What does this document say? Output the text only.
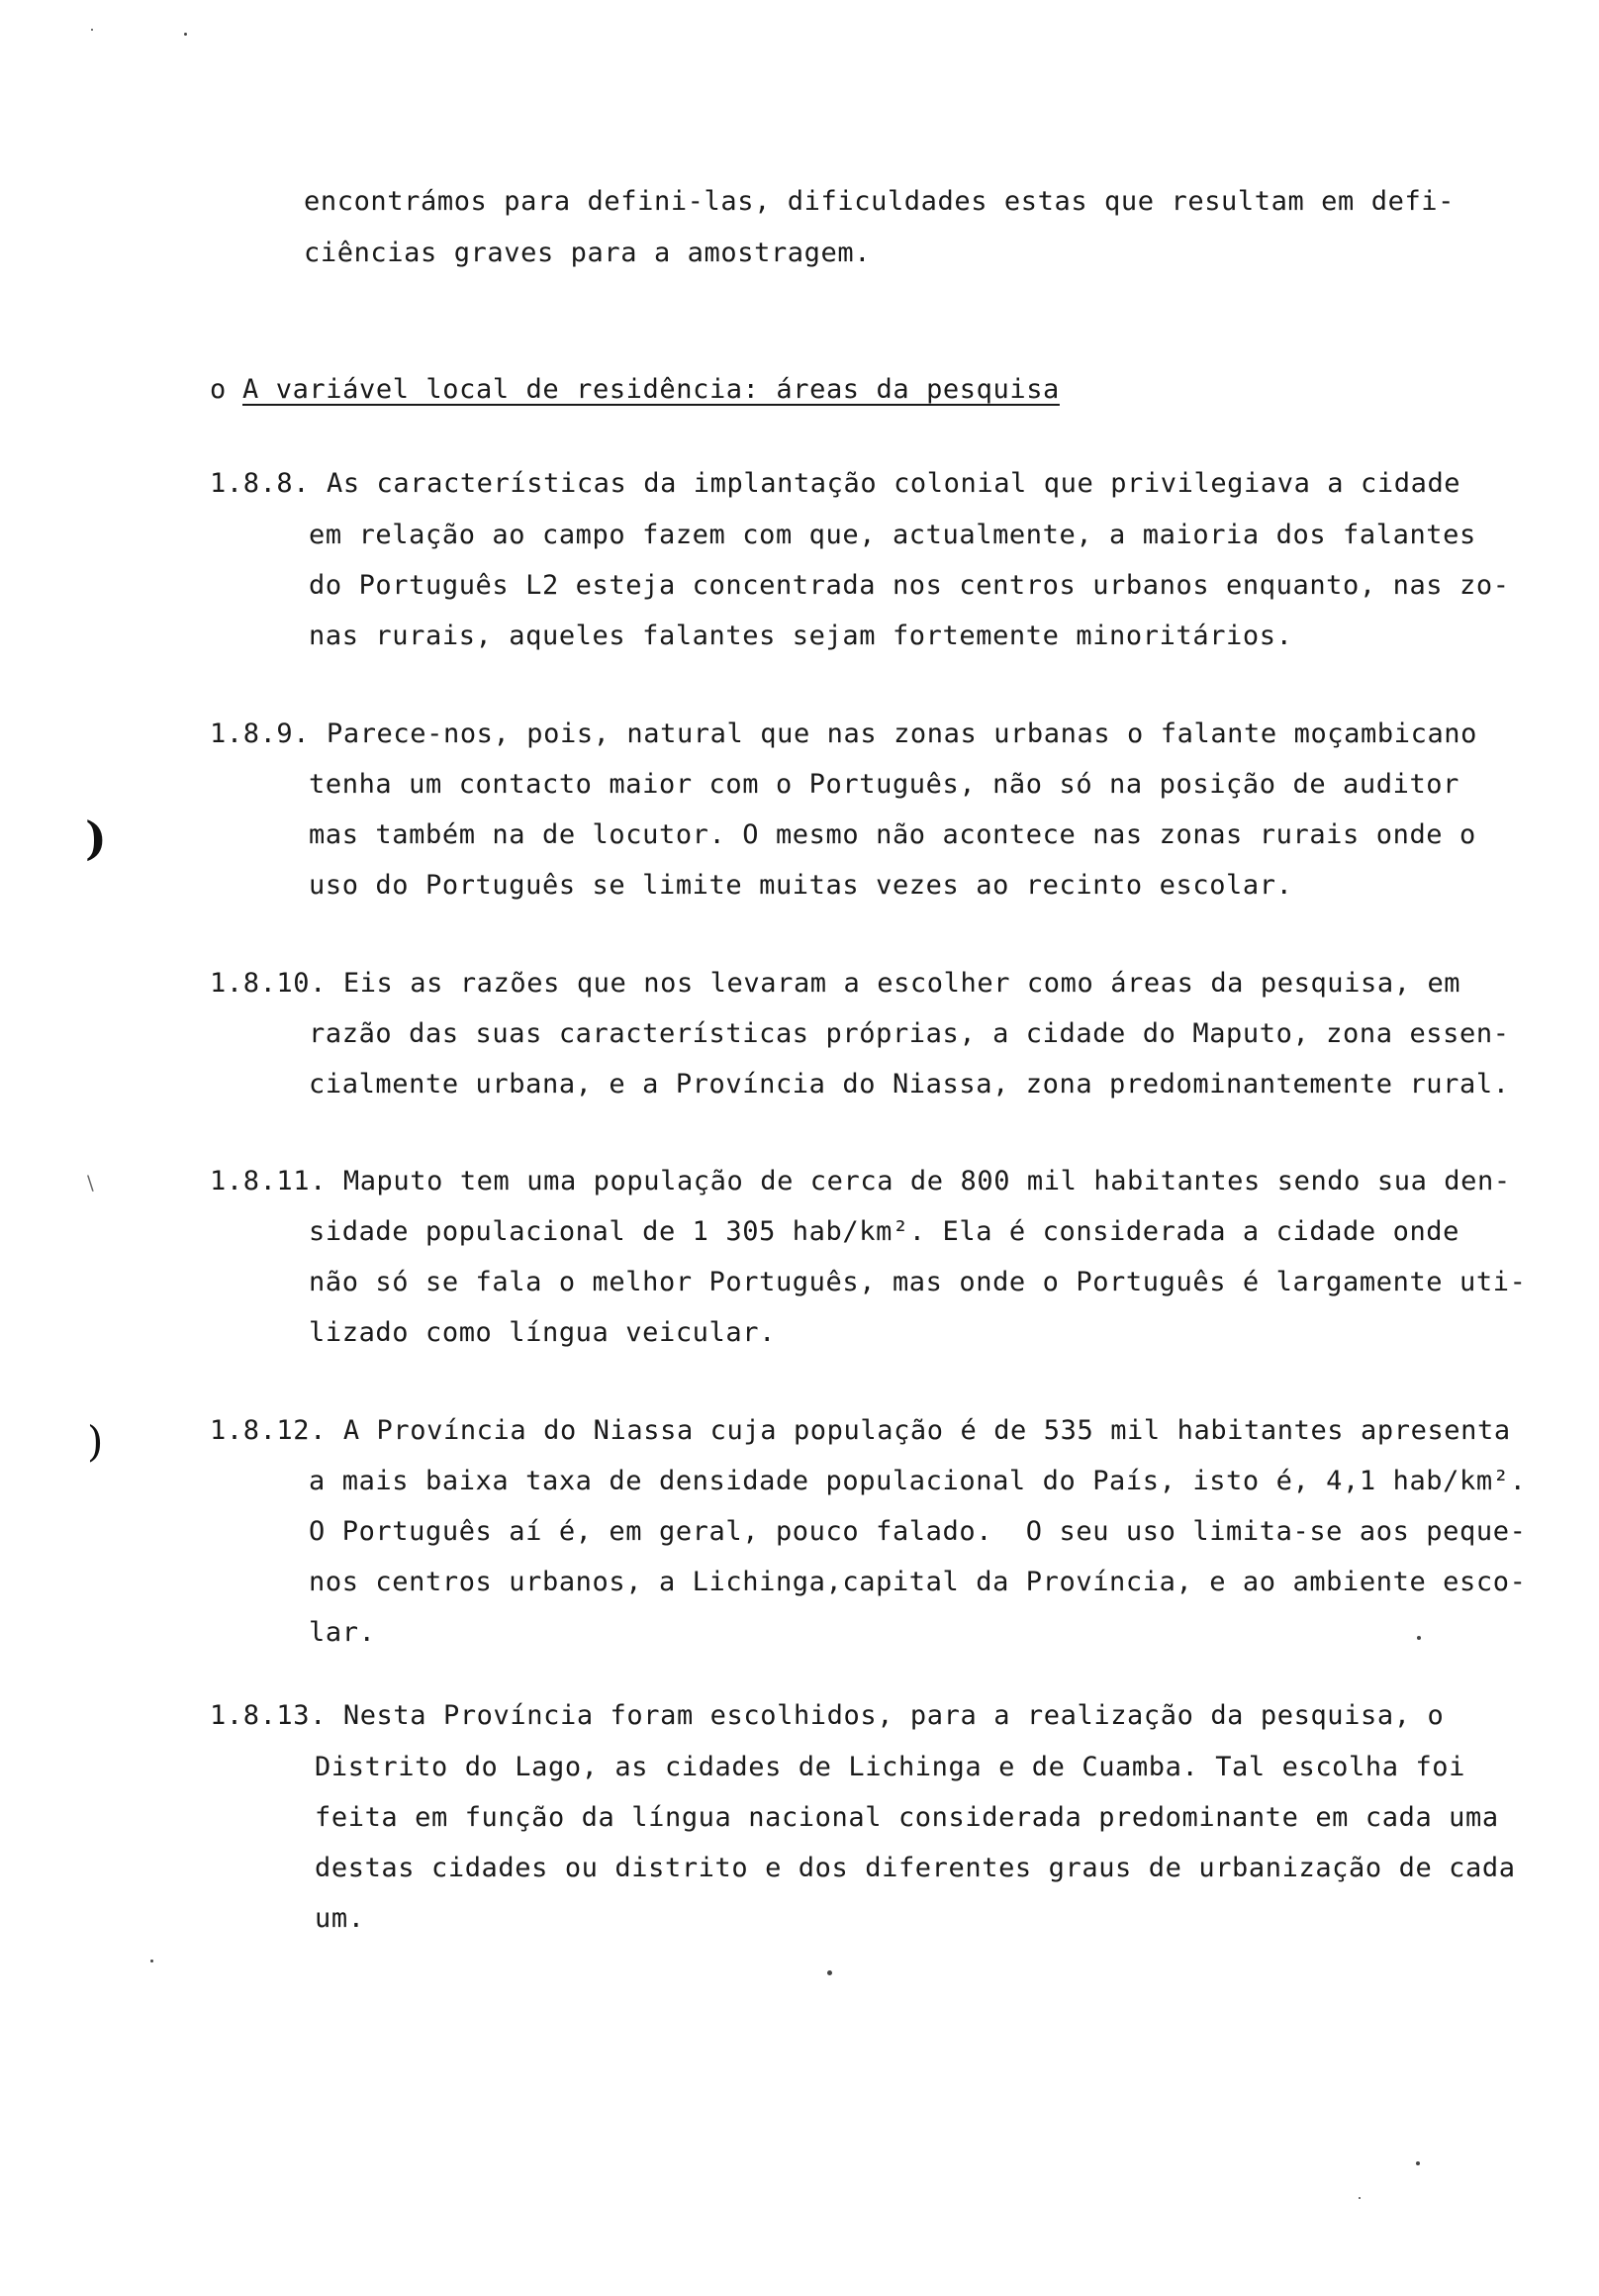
encontrámos para defini-las, dificuldades estas que resultam em defi-
ciências graves para a amostragem.
o A variável local de residência: áreas da pesquisa
1.8.8. As características da implantação colonial que privilegiava a cidade
em relação ao campo fazem com que, actualmente, a maioria dos falantes
do Português L2 esteja concentrada nos centros urbanos enquanto, nas zo-
nas rurais, aqueles falantes sejam fortemente minoritários.
1.8.9. Parece-nos, pois, natural que nas zonas urbanas o falante moçambicano
tenha um contacto maior com o Português, não só na posição de auditor
mas também na de locutor. O mesmo não acontece nas zonas rurais onde o
uso do Português se limite muitas vezes ao recinto escolar.
1.8.10. Eis as razões que nos levaram a escolher como áreas da pesquisa, em
razão das suas características próprias, a cidade do Maputo, zona essen-
cialmente urbana, e a Província do Niassa, zona predominantemente rural.
1.8.11. Maputo tem uma população de cerca de 800 mil habitantes sendo sua den-
sidade populacional de 1 305 hab/km². Ela é considerada a cidade onde
não só se fala o melhor Português, mas onde o Português é largamente uti-
lizado como língua veicular.
1.8.12. A Província do Niassa cuja população é de 535 mil habitantes apresenta
a mais baixa taxa de densidade populacional do País, isto é, 4,1 hab/km².
O Português aí é, em geral, pouco falado.  O seu uso limita-se aos peque-
nos centros urbanos, a Lichinga,capital da Província, e ao ambiente esco-
lar.
1.8.13. Nesta Província foram escolhidos, para a realização da pesquisa, o
Distrito do Lago, as cidades de Lichinga e de Cuamba. Tal escolha foi
feita em função da língua nacional considerada predominante em cada uma
destas cidades ou distrito e dos diferentes graus de urbanização de cada
um.
)
)
\
